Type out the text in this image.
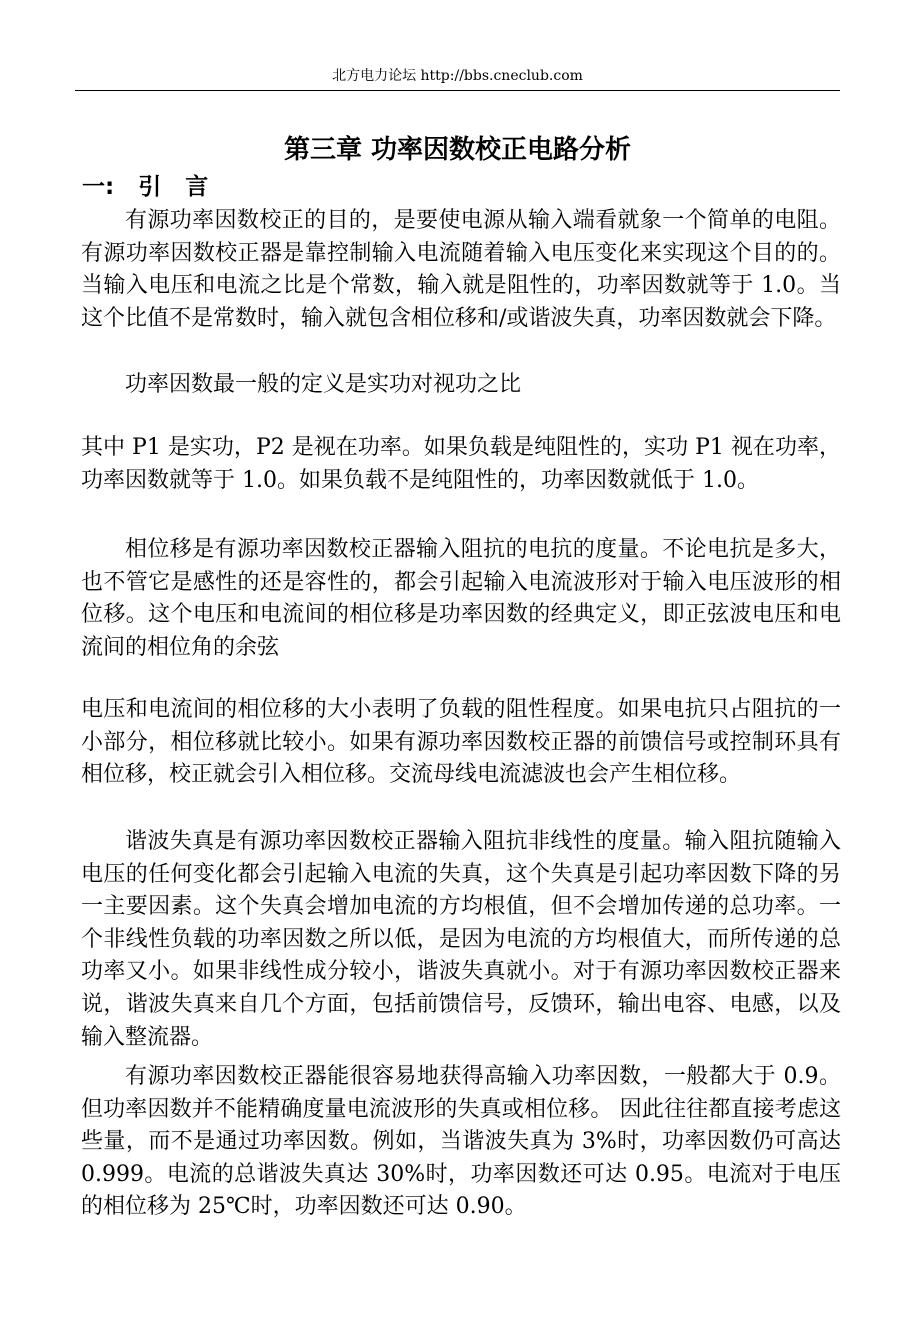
北方电力论坛 http://bbs.cneclub.com
第三章 功率因数校正电路分析
一:   引   言

有源功率因数校正的目的，是要使电源从输入端看就象一个简单的电阻。有源功率因数校正器是靠控制输入电流随着输入电压变化来实现这个目的的。当输入电压和电流之比是个常数，输入就是阻性的，功率因数就等于 1.0。当这个比值不是常数时，输入就包含相位移和/或谐波失真，功率因数就会下降。

功率因数最一般的定义是实功对视功之比

其中 P1 是实功，P2 是视在功率。如果负载是纯阻性的，实功 P1 视在功率，功率因数就等于 1.0。如果负载不是纯阻性的，功率因数就低于 1.0。

相位移是有源功率因数校正器输入阻抗的电抗的度量。不论电抗是多大，也不管它是感性的还是容性的，都会引起输入电流波形对于输入电压波形的相位移。这个电压和电流间的相位移是功率因数的经典定义，即正弦波电压和电流间的相位角的余弦

电压和电流间的相位移的大小表明了负载的阻性程度。如果电抗只占阻抗的一小部分，相位移就比较小。如果有源功率因数校正器的前馈信号或控制环具有相位移，校正就会引入相位移。交流母线电流滤波也会产生相位移。

谐波失真是有源功率因数校正器输入阻抗非线性的度量。输入阻抗随输入电压的任何变化都会引起输入电流的失真，这个失真是引起功率因数下降的另一主要因素。这个失真会增加电流的方均根值，但不会增加传递的总功率。一个非线性负载的功率因数之所以低，是因为电流的方均根值大，而所传递的总功率又小。如果非线性成分较小，谐波失真就小。对于有源功率因数校正器来说，谐波失真来自几个方面，包括前馈信号，反馈环，输出电容、电感，以及输入整流器。

有源功率因数校正器能很容易地获得高输入功率因数，一般都大于 0.9。但功率因数并不能精确度量电流波形的失真或相位移。 因此往往都直接考虑这些量，而不是通过功率因数。例如，当谐波失真为 3%时，功率因数仍可高达 0.999。电流的总谐波失真达 30%时，功率因数还可达 0.95。电流对于电压的相位移为 25℃时，功率因数还可达 0.90。
